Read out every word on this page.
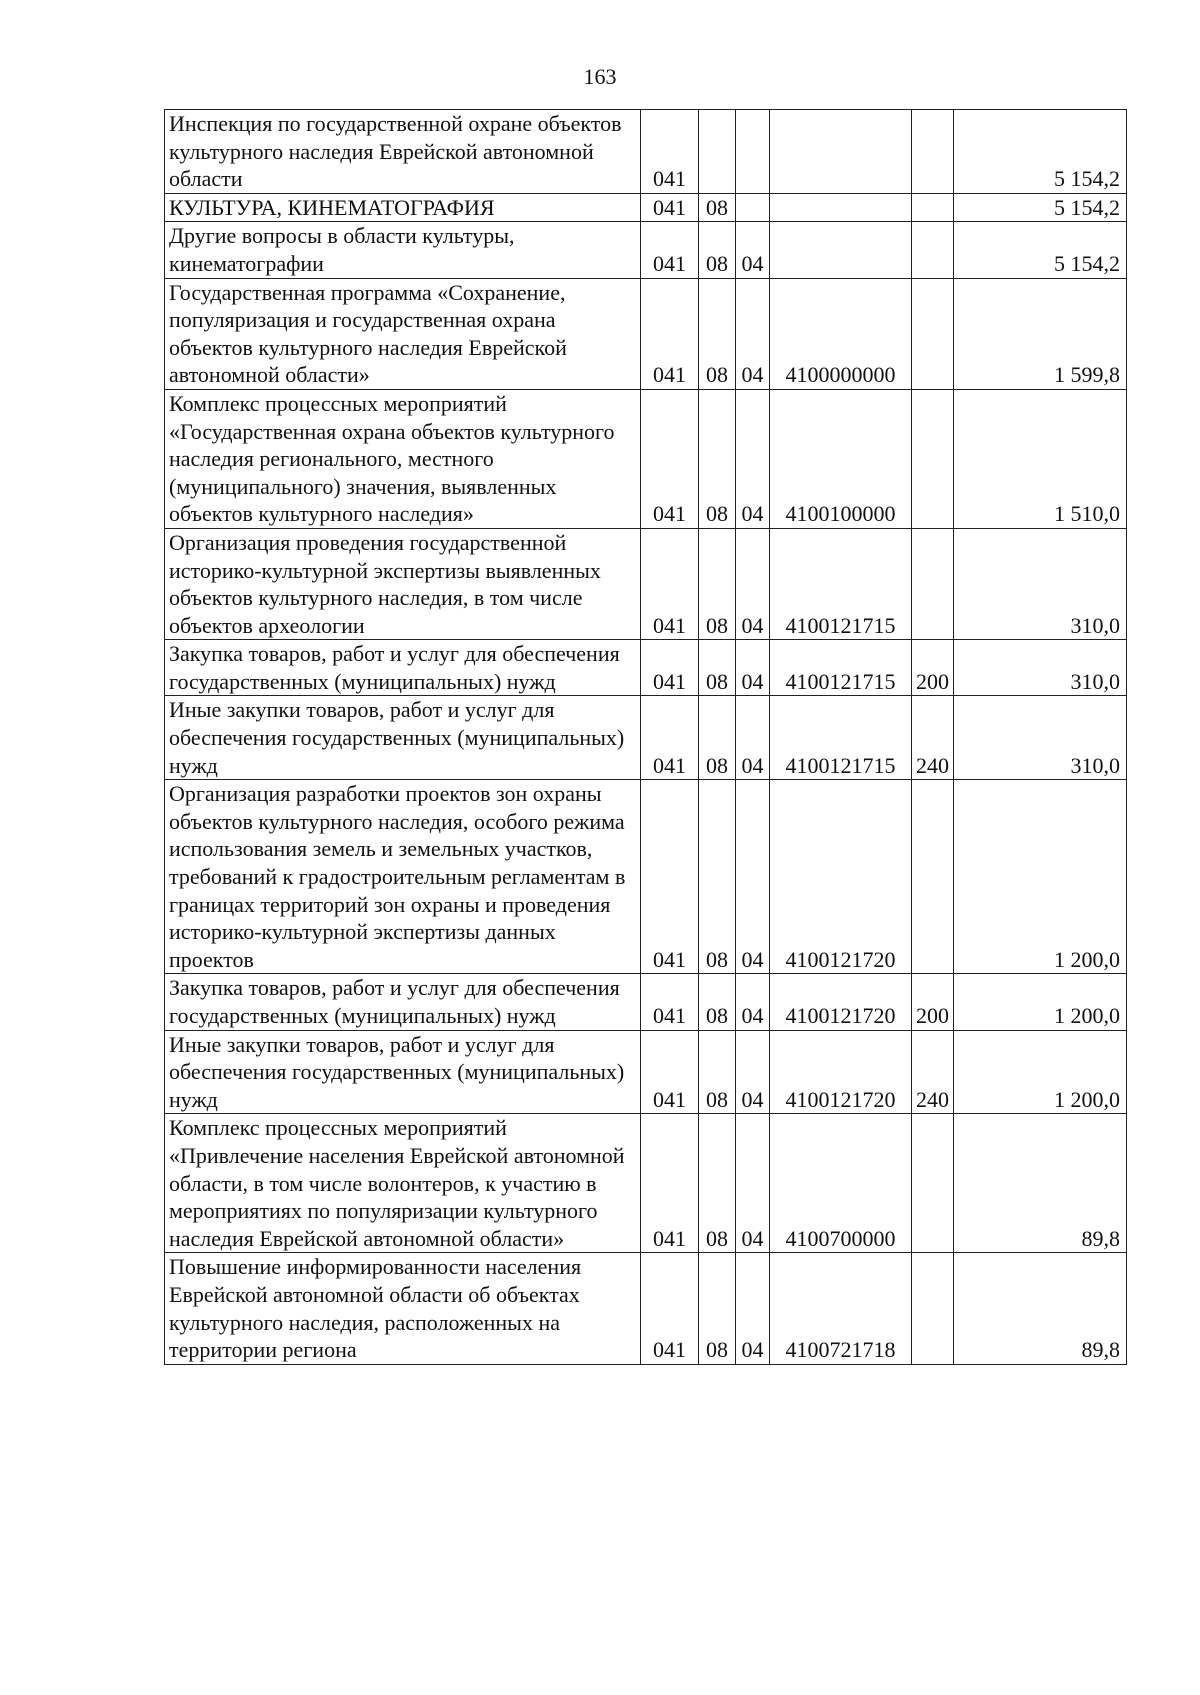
163
Инспекция по государственной охране объектов культурного наследия Еврейской автономной области	041					5 154,2
КУЛЬТУРА, КИНЕМАТОГРАФИЯ	041	08				5 154,2
Другие вопросы в области культуры, кинематографии	041	08	04			5 154,2
Государственная программа «Сохранение, популяризация и государственная охрана объектов культурного наследия Еврейской автономной области»	041	08	04	4100000000		1 599,8
Комплекс процессных мероприятий «Государственная охрана объектов культурного наследия регионального, местного (муниципального) значения, выявленных объектов культурного наследия»	041	08	04	4100100000		1 510,0
Организация проведения государственной историко-культурной экспертизы выявленных объектов культурного наследия, в том числе объектов археологии	041	08	04	4100121715		310,0
Закупка товаров, работ и услуг для обеспечения государственных (муниципальных) нужд	041	08	04	4100121715	200	310,0
Иные закупки товаров, работ и услуг для обеспечения государственных (муниципальных) нужд	041	08	04	4100121715	240	310,0
Организация разработки проектов зон охраны объектов культурного наследия, особого режима использования земель и земельных участков, требований к градостроительным регламентам в границах территорий зон охраны и проведения историко-культурной экспертизы данных проектов	041	08	04	4100121720		1 200,0
Закупка товаров, работ и услуг для обеспечения государственных (муниципальных) нужд	041	08	04	4100121720	200	1 200,0
Иные закупки товаров, работ и услуг для обеспечения государственных (муниципальных) нужд	041	08	04	4100121720	240	1 200,0
Комплекс процессных мероприятий «Привлечение населения Еврейской автономной области, в том числе волонтеров, к участию в мероприятиях по популяризации культурного наследия Еврейской автономной области»	041	08	04	4100700000		89,8
Повышение информированности населения Еврейской автономной области об объектах культурного наследия, расположенных на территории региона	041	08	04	4100721718		89,8
